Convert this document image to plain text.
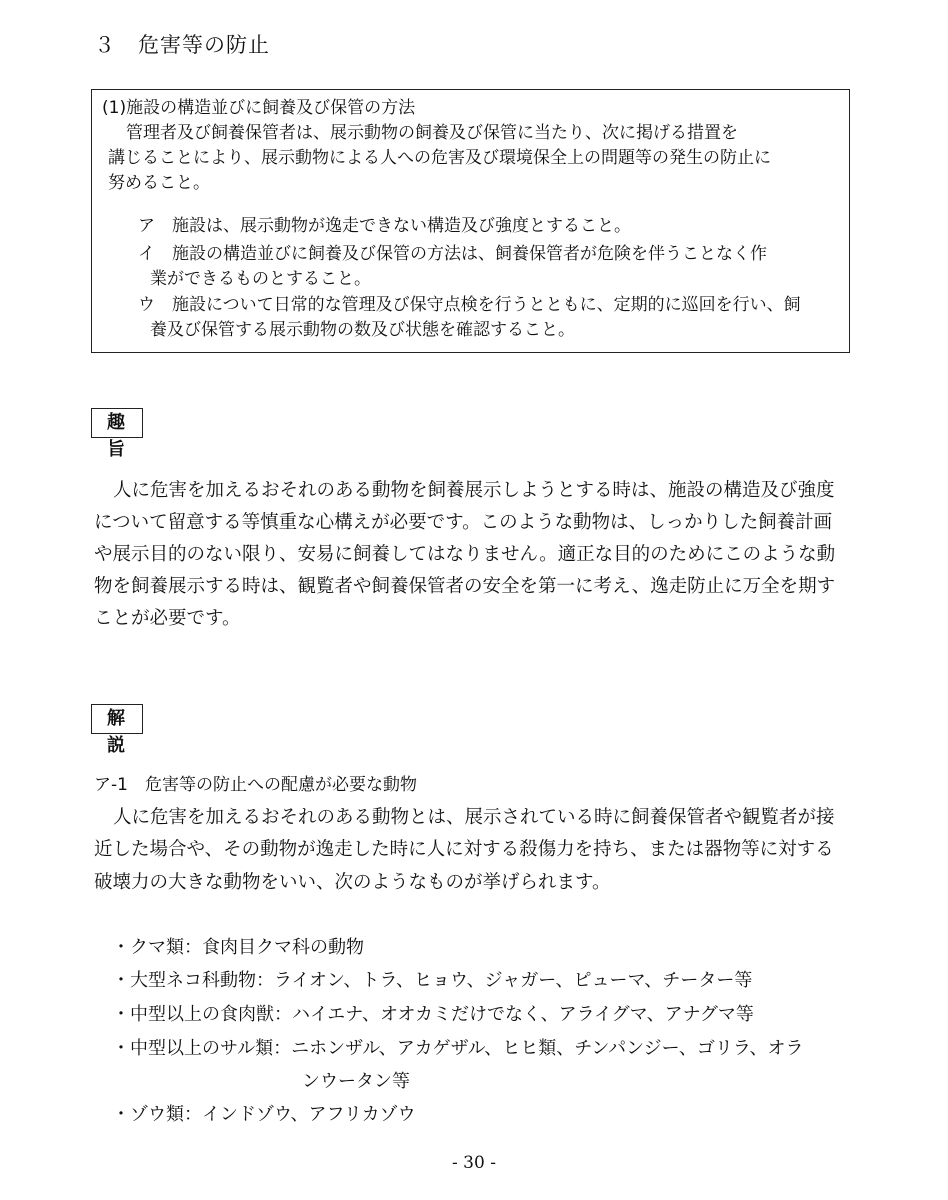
３　危害等の防止
(1)施設の構造並びに飼養及び保管の方法
管理者及び飼養保管者は、展示動物の飼養及び保管に当たり、次に掲げる措置を
講じることにより、展示動物による人への危害及び環境保全上の問題等の発生の防止に
努めること。
ア　施設は、展示動物が逸走できない構造及び強度とすること。
イ　施設の構造並びに飼養及び保管の方法は、飼養保管者が危険を伴うことなく作
業ができるものとすること。
ウ　施設について日常的な管理及び保守点検を行うとともに、定期的に巡回を行い、飼
養及び保管する展示動物の数及び状態を確認すること。
趣 旨
人に危害を加えるおそれのある動物を飼養展示しようとする時は、施設の構造及び強度
について留意する等慎重な心構えが必要です。このような動物は、しっかりした飼養計画
や展示目的のない限り、安易に飼養してはなりません。適正な目的のためにこのような動
物を飼養展示する時は、観覧者や飼養保管者の安全を第一に考え、逸走防止に万全を期す
ことが必要です。
解 説
ア-1　危害等の防止への配慮が必要な動物
人に危害を加えるおそれのある動物とは、展示されている時に飼養保管者や観覧者が接
近した場合や、その動物が逸走した時に人に対する殺傷力を持ち、または器物等に対する
破壊力の大きな動物をいい、次のようなものが挙げられます。
・クマ類：食肉目クマ科の動物
・大型ネコ科動物：ライオン、トラ、ヒョウ、ジャガー、ピューマ、チーター等
・中型以上の食肉獣：ハイエナ、オオカミだけでなく、アライグマ、アナグマ等
・中型以上のサル類：ニホンザル、アカゲザル、ヒヒ類、チンパンジー、ゴリラ、オラ
ンウータン等
・ゾウ類：インドゾウ、アフリカゾウ
- 30 -
